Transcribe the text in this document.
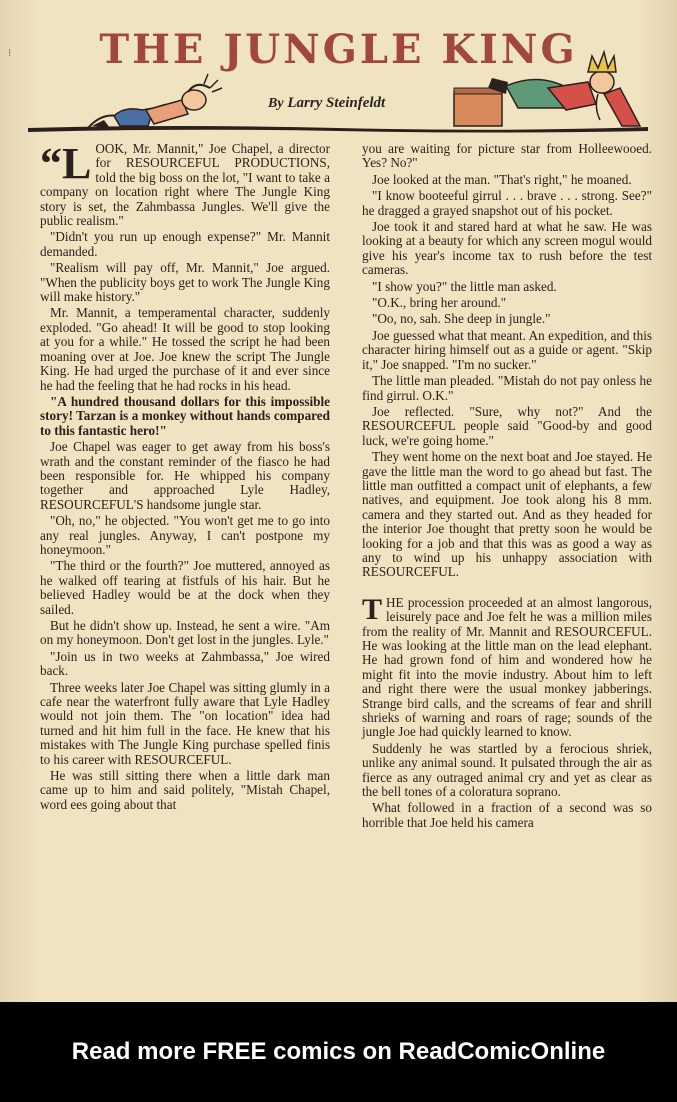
⁝	THE JUNGLE KING
By Larry Steinfeldt

“L OOK, Mr. Mannit," Joe Chapel, a director for RESOURCEFUL PRODUCTIONS, told the big boss on the lot, "I want to take a company on location right where The Jungle King story is set, the Zahmbassa Jungles. We'll give the public realism."

"Didn't you run up enough expense?" Mr. Mannit demanded.

"Realism will pay off, Mr. Mannit," Joe argued. "When the publicity boys get to work The Jungle King will make history."

Mr. Mannit, a temperamental character, suddenly exploded. "Go ahead! It will be good to stop looking at you for a while." He tossed the script he had been moaning over at Joe. Joe knew the script The Jungle King. He had urged the purchase of it and ever since he had the feeling that he had rocks in his head.

"A hundred thousand dollars for this impossible story! Tarzan is a monkey without hands compared to this fantastic hero!"

Joe Chapel was eager to get away from his boss's wrath and the constant reminder of the fiasco he had been responsible for. He whipped his company together and approached Lyle Hadley, RESOURCEFUL'S handsome jungle star.

"Oh, no," he objected. "You won't get me to go into any real jungles. Anyway, I can't postpone my honeymoon."

"The third or the fourth?" Joe muttered, annoyed as he walked off tearing at fistfuls of his hair. But he believed Hadley would be at the dock when they sailed.

But he didn't show up. Instead, he sent a wire. "Am on my honeymoon. Don't get lost in the jungles. Lyle."

"Join us in two weeks at Zahmbassa," Joe wired back.

Three weeks later Joe Chapel was sitting glumly in a cafe near the waterfront fully aware that Lyle Hadley would not join them. The "on location" idea had turned and hit him full in the face. He knew that his mistakes with The Jungle King purchase spelled finis to his career with RESOURCEFUL.

He was still sitting there when a little dark man came up to him and said politely, "Mistah Chapel, word ees going about that

you are waiting for picture star from Holleewooed. Yes? No?"

Joe looked at the man. "That's right," he moaned.

"I know booteeful girrul . . . brave . . . strong. See?" he dragged a grayed snapshot out of his pocket.

Joe took it and stared hard at what he saw. He was looking at a beauty for which any screen mogul would give his year's income tax to rush before the test cameras.

"I show you?" the little man asked.

"O.K., bring her around."

"Oo, no, sah. She deep in jungle."

Joe guessed what that meant. An expedition, and this character hiring himself out as a guide or agent. "Skip it," Joe snapped. "I'm no sucker."

The little man pleaded. "Mistah do not pay onless he find girrul. O.K."

Joe reflected. "Sure, why not?" And the RESOURCEFUL people said "Good-by and good luck, we're going home."

They went home on the next boat and Joe stayed. He gave the little man the word to go ahead but fast. The little man outfitted a compact unit of elephants, a few natives, and equipment. Joe took along his 8 mm. camera and they started out. And as they headed for the interior Joe thought that pretty soon he would be looking for a job and that this was as good a way as any to wind up his unhappy association with RESOURCEFUL.

THE procession proceeded at an almost langorous, leisurely pace and Joe felt he was a million miles from the reality of Mr. Mannit and RESOURCEFUL. He was looking at the little man on the lead elephant. He had grown fond of him and wondered how he might fit into the movie industry. About him to left and right there were the usual monkey jabberings. Strange bird calls, and the screams of fear and shrill shrieks of warning and roars of rage; sounds of the jungle Joe had quickly learned to know.

Suddenly he was startled by a ferocious shriek, unlike any animal sound. It pulsated through the air as fierce as any outraged animal cry and yet as clear as the bell tones of a coloratura soprano.

What followed in a fraction of a second was so horrible that Joe held his camera

Read more FREE comics on ReadComicOnline
